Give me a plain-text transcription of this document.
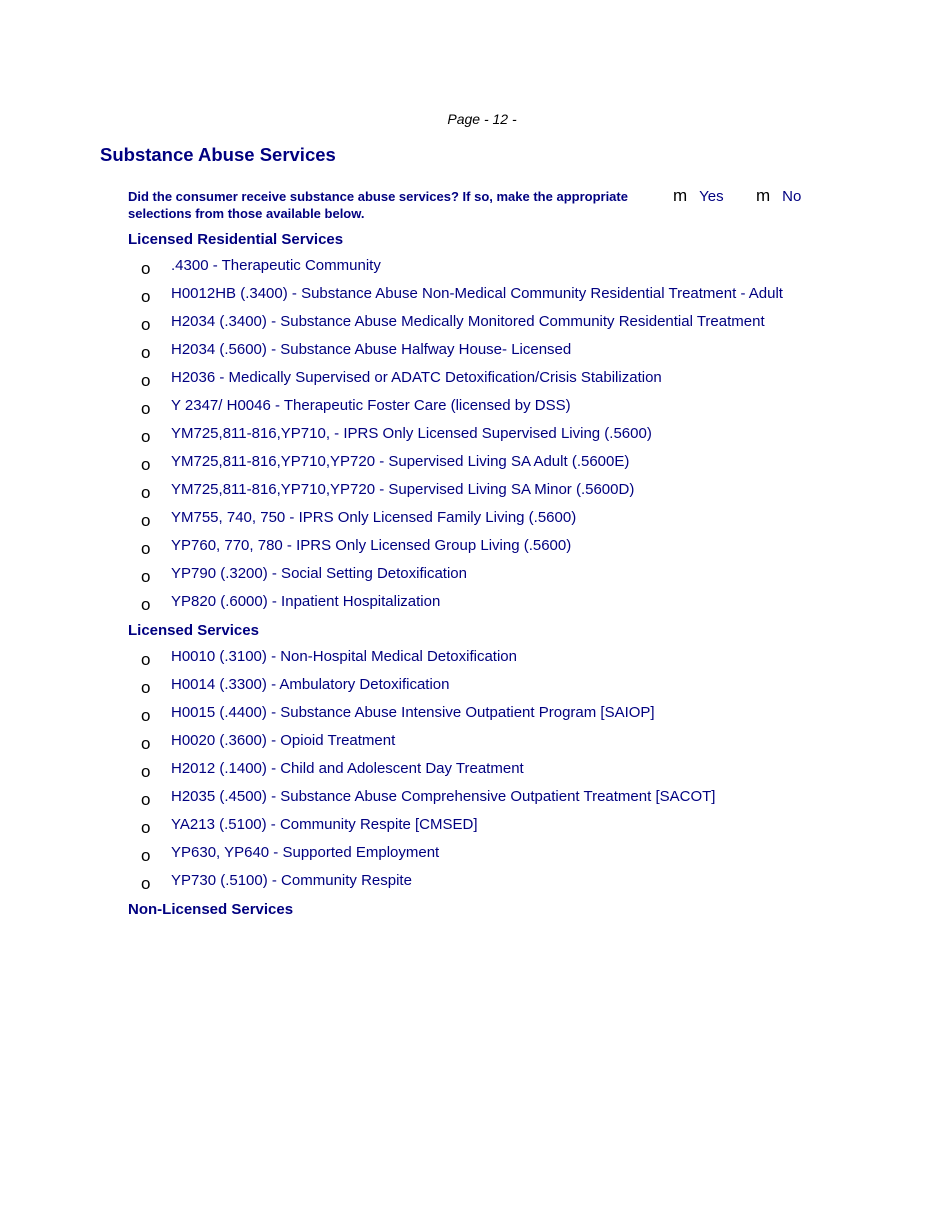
Page - 12 -
Substance Abuse Services
Did the consumer receive substance abuse services? If so, make the appropriate selections from those available below.
m Yes m No
Licensed Residential Services
o	.4300 - Therapeutic Community
o	H0012HB (.3400) - Substance Abuse Non-Medical Community Residential Treatment - Adult
o	H2034 (.3400) - Substance Abuse Medically Monitored Community Residential Treatment
o	H2034 (.5600) - Substance Abuse Halfway House- Licensed
o	H2036 - Medically Supervised or ADATC Detoxification/Crisis Stabilization
o	Y 2347/ H0046 - Therapeutic Foster Care (licensed by DSS)
o	YM725,811-816,YP710, - IPRS Only Licensed Supervised Living (.5600)
o	YM725,811-816,YP710,YP720 - Supervised Living SA Adult (.5600E)
o	YM725,811-816,YP710,YP720 - Supervised Living SA Minor (.5600D)
o	YM755, 740, 750 - IPRS Only Licensed Family Living (.5600)
o	YP760, 770, 780 - IPRS Only Licensed Group Living (.5600)
o	YP790 (.3200) - Social Setting Detoxification
o	YP820 (.6000) - Inpatient Hospitalization
Licensed Services
o	H0010 (.3100) - Non-Hospital Medical Detoxification
o	H0014 (.3300) - Ambulatory Detoxification
o	H0015 (.4400) - Substance Abuse Intensive Outpatient Program [SAIOP]
o	H0020 (.3600) - Opioid Treatment
o	H2012 (.1400) - Child and Adolescent Day Treatment
o	H2035 (.4500) - Substance Abuse Comprehensive Outpatient Treatment [SACOT]
o	YA213 (.5100) - Community Respite [CMSED]
o	YP630, YP640 - Supported Employment
o	YP730 (.5100) - Community Respite
Non-Licensed Services
